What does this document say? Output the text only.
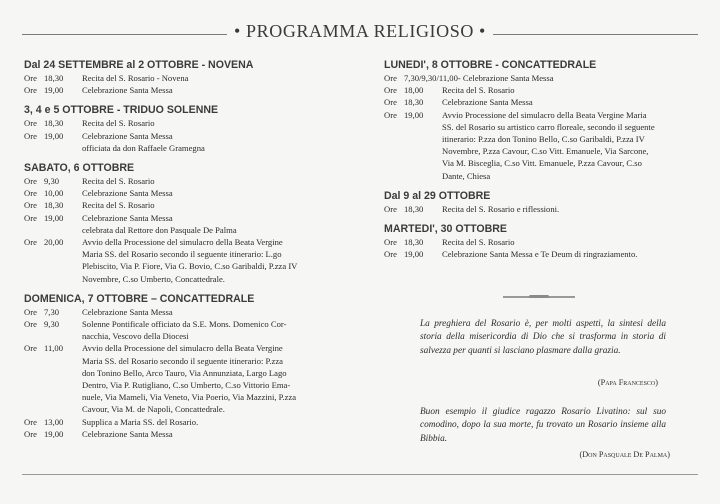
• PROGRAMMA RELIGIOSO •
Dal 24 SETTEMBRE al 2 OTTOBRE - NOVENA
Ore 18,30	Recita del S. Rosario - Novena
Ore 19,00	Celebrazione Santa Messa
3, 4 e 5 OTTOBRE - TRIDUO SOLENNE
Ore 18,30	Recita del S. Rosario
Ore 19,00	Celebrazione Santa Messa
officiata da don Raffaele Gramegna
SABATO, 6 OTTOBRE
Ore 9,30	Recita del S. Rosario
Ore 10,00	Celebrazione Santa Messa
Ore 18,30	Recita del S. Rosario
Ore 19,00	Celebrazione Santa Messa
celebrata dal Rettore don Pasquale De Palma
Ore 20,00	Avvio della Processione del simulacro della Beata Vergine
Maria SS. del Rosario secondo il seguente itinerario: L.go
Plebiscito, Via P. Fiore, Via G. Bovio, C.so Garibaldi, P.zza IV
Novembre, C.so Umberto, Concattedrale.
DOMENICA, 7 OTTOBRE – CONCATTEDRALE
Ore 7,30	Celebrazione Santa Messa
Ore 9,30	Solenne Pontificale officiato da S.E. Mons. Domenico Cor-
nacchia, Vescovo della Diocesi
Ore 11,00	Avvio della Processione del simulacro della Beata Vergine
Maria SS. del Rosario secondo il seguente itinerario: P.zza
don Tonino Bello, Arco Tauro, Via Annunziata, Largo Lago
Dentro, Via P. Rutigliano, C.so Umberto, C.so Vittorio Ema-
nuele, Via Mameli, Via Veneto, Via Poerio, Via Mazzini, P.zza
Cavour, Via M. de Napoli, Concattedrale.
Ore 13,00	Supplica a Maria SS. del Rosario.
Ore 19,00	Celebrazione Santa Messa
LUNEDI', 8 OTTOBRE - CONCATTEDRALE
Ore 7,30/9,30/11,00 - Celebrazione Santa Messa
Ore 18,00	Recita del S. Rosario
Ore 18,30	Celebrazione Santa Messa
Ore 19,00	Avvio Processione del simulacro della Beata Vergine Maria
SS. del Rosario su artistico carro floreale, secondo il seguente
itinerario: P.zza don Tonino Bello, C.so Garibaldi, P.zza IV
Novembre, P.zza Cavour, C.so Vitt. Emanuele, Via Sarcone,
Via M. Bisceglia, C.so Vitt. Emanuele, P.zza Cavour, C.so
Dante, Chiesa
Dal 9 al 29 OTTOBRE
Ore 18,30	Recita del S. Rosario e riflessioni.
MARTEDI', 30 OTTOBRE
Ore 18,30	Recita del S. Rosario
Ore 19,00	Celebrazione Santa Messa e Te Deum di ringraziamento.
La preghiera del Rosario è, per molti aspetti, la sintesi della storia della misericordia di Dio che si trasforma in storia di salvezza per quanti si lasciano plasmare dalla grazia.
(Papa Francesco)
Buon esempio il giudice ragazzo Rosario Livatino: sul suo comodino, dopo la sua morte, fu trovato un Rosario insieme alla Bibbia.
(Don Pasquale De Palma)
